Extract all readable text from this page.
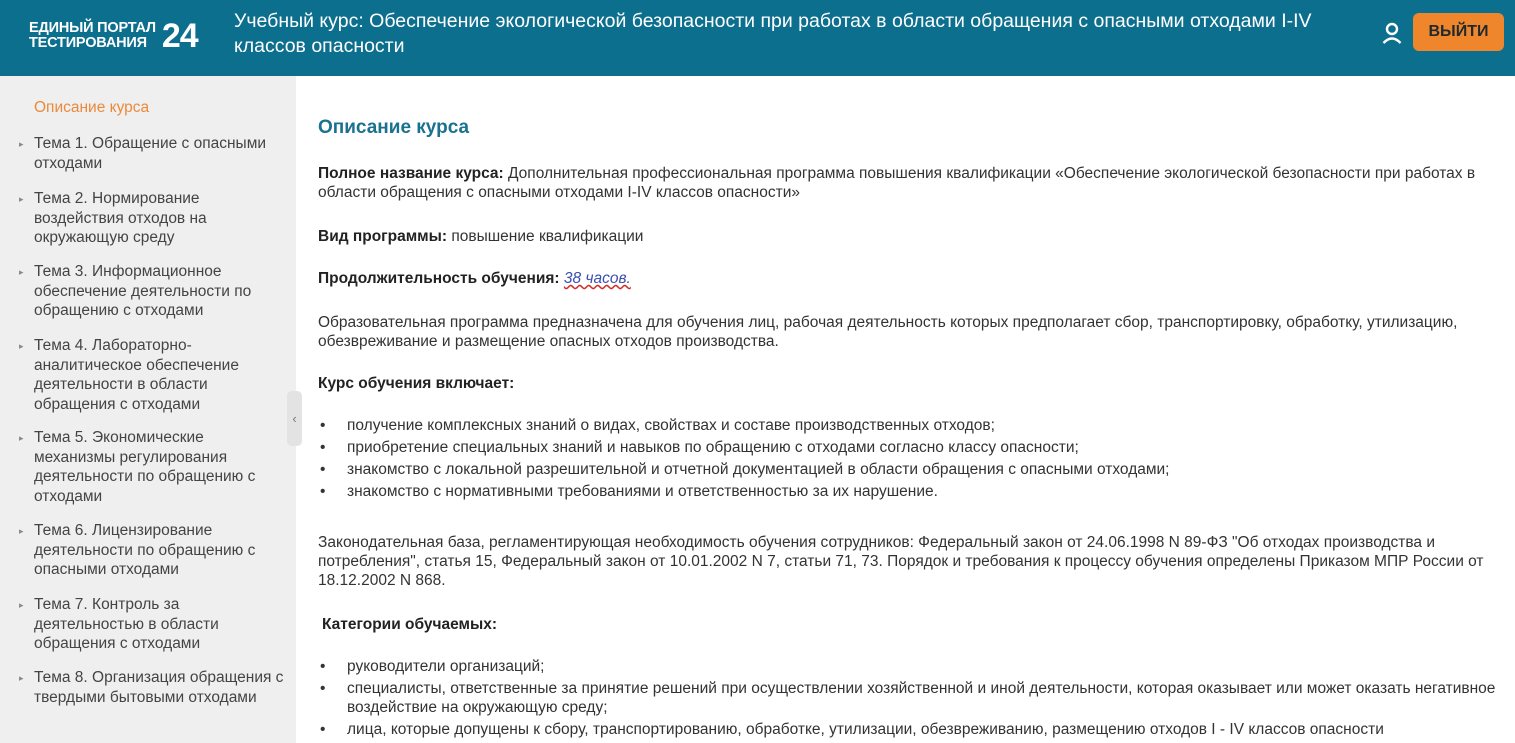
ЕДИНЫЙ ПОРТАЛ
ТЕСТИРОВАНИЯ 24 Учебный курс: Обеспечение экологической безопасности при работах в области обращения с опасными отходами I-IV классов опасности
ВЫЙТИ
Описание курса
▸ Тема 1. Обращение с опасными отходами
▸ Тема 2. Нормирование воздействия отходов на окружающую среду
▸ Тема 3. Информационное обеспечение деятельности по обращению с отходами
▸ Тема 4. Лабораторно-аналитическое обеспечение деятельности в области обращения с отходами
▸ Тема 5. Экономические механизмы регулирования деятельности по обращению с отходами
▸ Тема 6. Лицензирование деятельности по обращению с опасными отходами
▸ Тема 7. Контроль за деятельностью в области обращения с отходами
▸ Тема 8. Организация обращения с твердыми бытовыми отходами
‹
Описание курса
Полное название курса: Дополнительная профессиональная программа повышения квалификации «Обеспечение экологической безопасности при работах в области обращения с опасными отходами I-IV классов опасности»
Вид программы: повышение квалификации
Продолжительность обучения: 38 часов.
Образовательная программа предназначена для обучения лиц, рабочая деятельность которых предполагает сбор, транспортировку, обработку, утилизацию, обезвреживание и размещение опасных отходов производства.
Курс обучения включает:
• получение комплексных знаний о видах, свойствах и составе производственных отходов;
• приобретение специальных знаний и навыков по обращению с отходами согласно классу опасности;
• знакомство с локальной разрешительной и отчетной документацией в области обращения с опасными отходами;
• знакомство с нормативными требованиями и ответственностью за их нарушение.
Законодательная база, регламентирующая необходимость обучения сотрудников: Федеральный закон от 24.06.1998 N 89-ФЗ "Об отходах производства и потребления", статья 15, Федеральный закон от 10.01.2002 N 7, статьи 71, 73. Порядок и требования к процессу обучения определены Приказом МПР России от 18.12.2002 N 868.
Категории обучаемых:
• руководители организаций;
• специалисты, ответственные за принятие решений при осуществлении хозяйственной и иной деятельности, которая оказывает или может оказать негативное воздействие на окружающую среду;
• лица, которые допущены к сбору, транспортированию, обработке, утилизации, обезвреживанию, размещению отходов I - IV классов опасности
